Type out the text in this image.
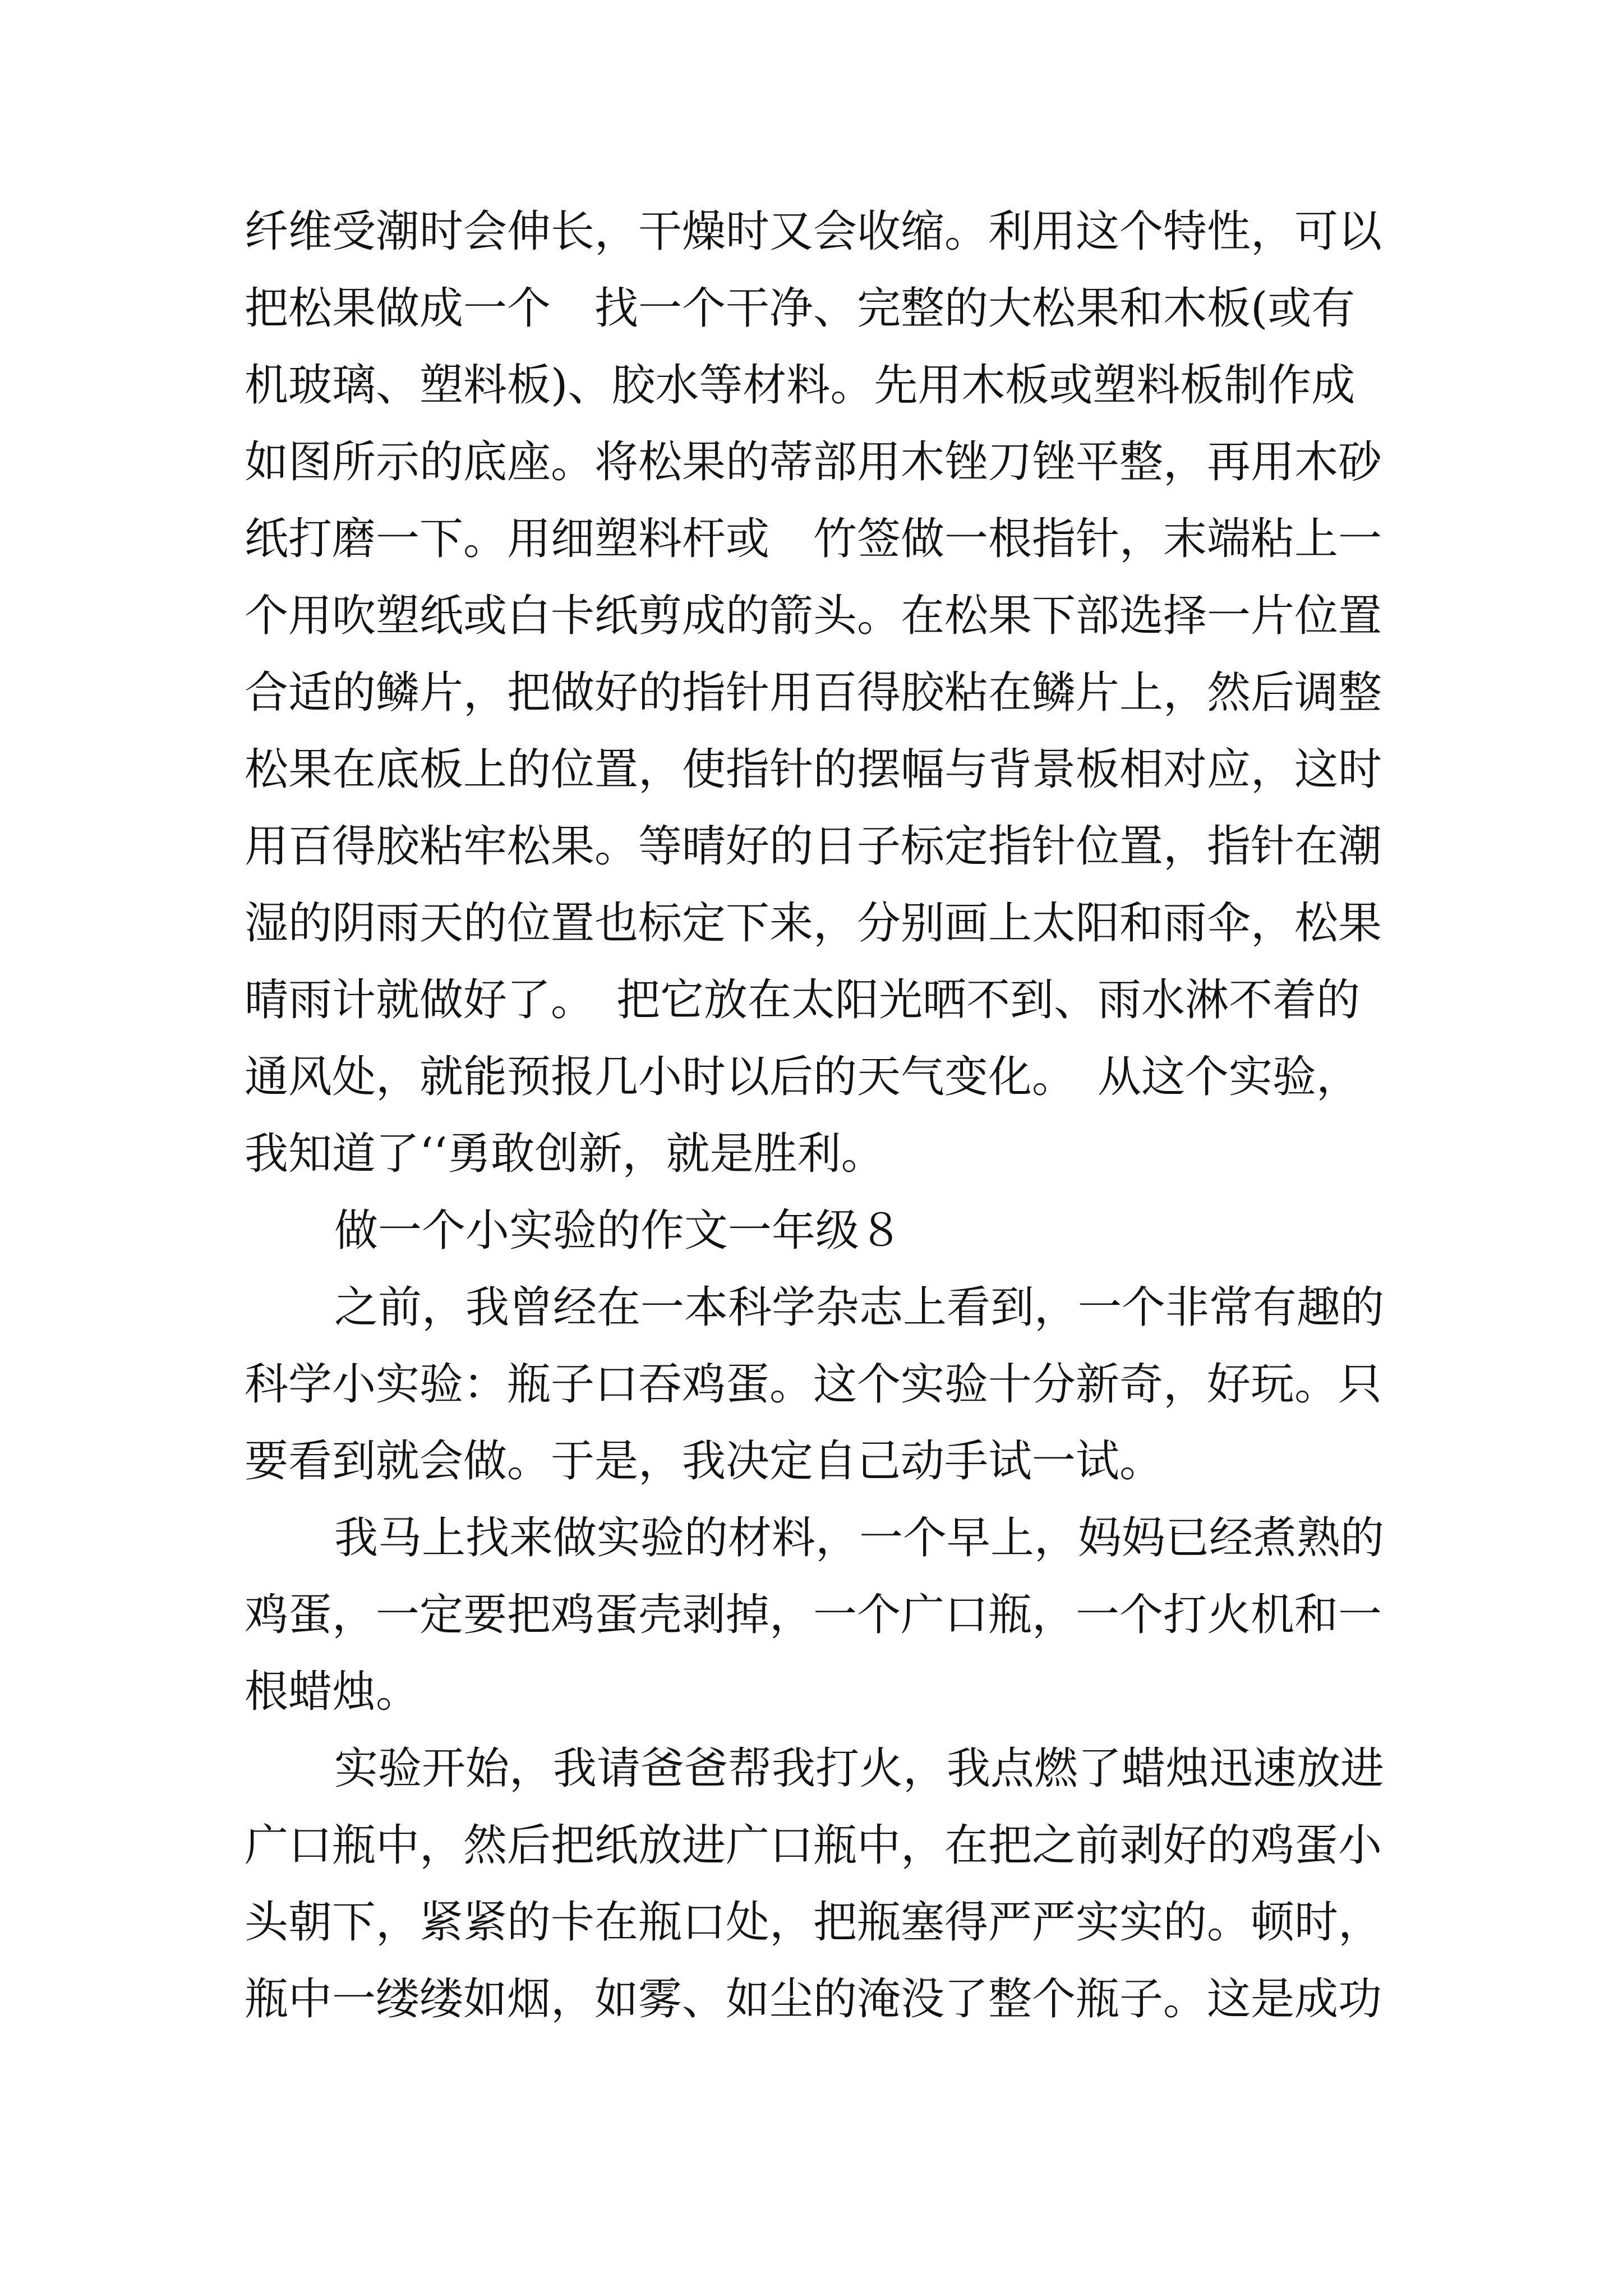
纤维受潮时会伸长，干燥时又会收缩。利用这个特性，可以
把松果做成一个　找一个干净、完整的大松果和木板(或有
机玻璃、塑料板)、胶水等材料。先用木板或塑料板制作成
如图所示的底座。将松果的蒂部用木锉刀锉平整，再用木砂
纸打磨一下。用细塑料杆或　竹签做一根指针，末端粘上一
个用吹塑纸或白卡纸剪成的箭头。在松果下部选择一片位置
合适的鳞片，把做好的指针用百得胶粘在鳞片上，然后调整
松果在底板上的位置，使指针的摆幅与背景板相对应，这时
用百得胶粘牢松果。等晴好的日子标定指针位置，指针在潮
湿的阴雨天的位置也标定下来，分别画上太阳和雨伞，松果
晴雨计就做好了。　把它放在太阳光晒不到、雨水淋不着的
通风处，就能预报几小时以后的天气变化。　从这个实验，
我知道了‘‘勇敢创新，就是胜利。
做一个小实验的作文一年级８
之前，我曾经在一本科学杂志上看到，一个非常有趣的
科学小实验：瓶子口吞鸡蛋。这个实验十分新奇，好玩。只
要看到就会做。于是，我决定自己动手试一试。
我马上找来做实验的材料，一个早上，妈妈已经煮熟的
鸡蛋，一定要把鸡蛋壳剥掉，一个广口瓶，一个打火机和一
根蜡烛。
实验开始，我请爸爸帮我打火，我点燃了蜡烛迅速放进
广口瓶中，然后把纸放进广口瓶中，在把之前剥好的鸡蛋小
头朝下，紧紧的卡在瓶口处，把瓶塞得严严实实的。顿时，
瓶中一缕缕如烟，如雾、如尘的淹没了整个瓶子。这是成功
